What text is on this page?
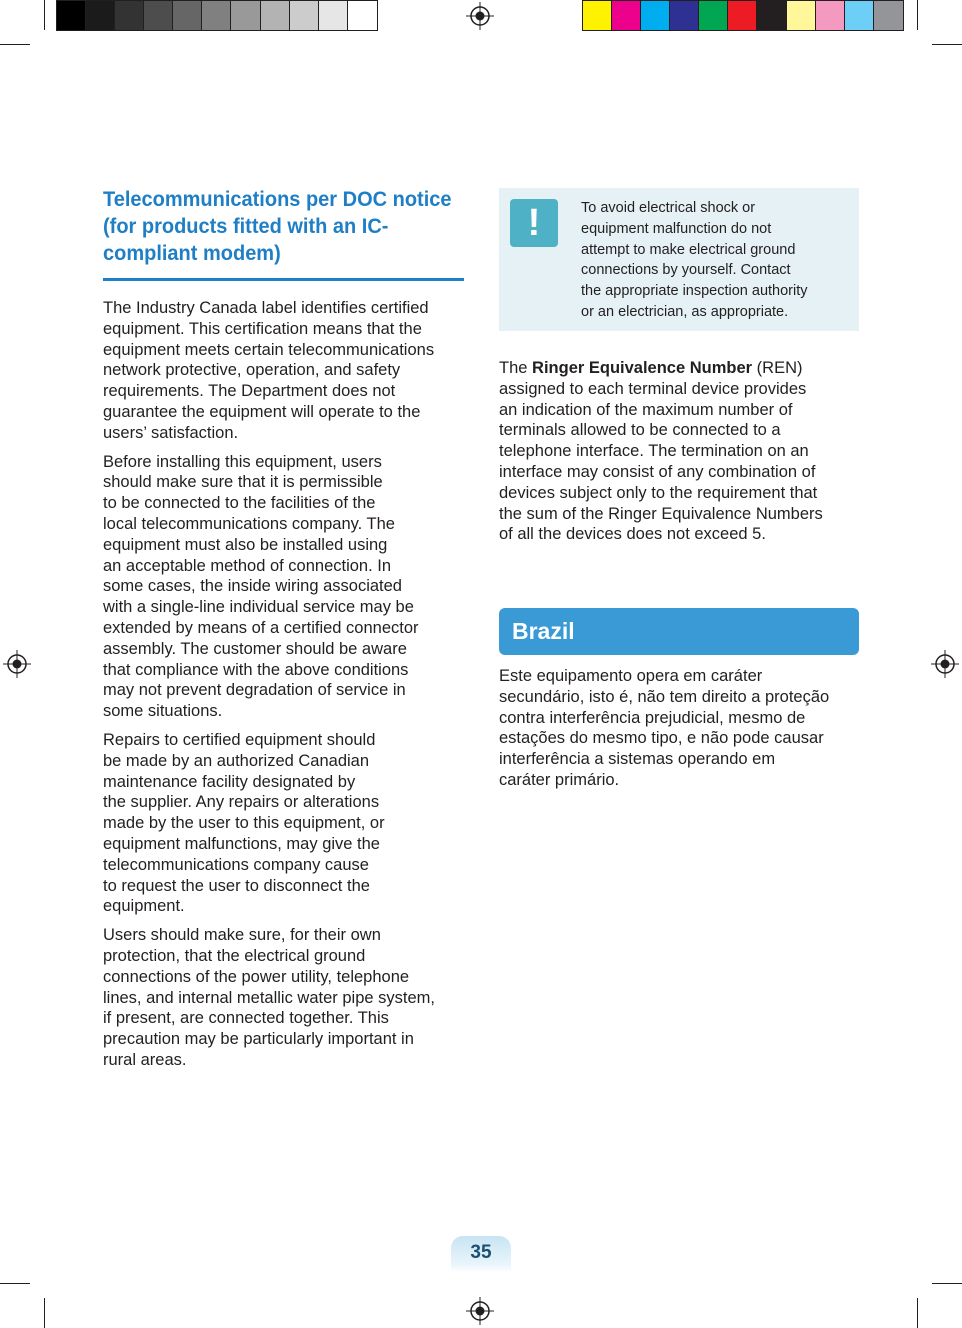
Telecommunications per DOC notice (for products fitted with an IC-compliant modem)

The Industry Canada label identifies certified
equipment. This certification means that the
equipment meets certain telecommunications
network protective, operation, and safety
requirements. The Department does not
guarantee the equipment will operate to the
users’ satisfaction.

Before installing this equipment, users
should make sure that it is permissible
to be connected to the facilities of the
local telecommunications company. The
equipment must also be installed using
an acceptable method of connection. In
some cases, the inside wiring associated
with a single-line individual service may be
extended by means of a certified connector
assembly. The customer should be aware
that compliance with the above conditions
may not prevent degradation of service in
some situations.

Repairs to certified equipment should
be made by an authorized Canadian
maintenance facility designated by
the supplier. Any repairs or alterations
made by the user to this equipment, or
equipment malfunctions, may give the
telecommunications company cause
to request the user to disconnect the
equipment.

Users should make sure, for their own
protection, that the electrical ground
connections of the power utility, telephone
lines, and internal metallic water pipe system,
if present, are connected together. This
precaution may be particularly important in
rural areas.

!	To avoid electrical shock or
equipment malfunction do not
attempt to make electrical ground
connections by yourself. Contact
the appropriate inspection authority
or an electrician, as appropriate.

The Ringer Equivalence Number (REN)
assigned to each terminal device provides
an indication of the maximum number of
terminals allowed to be connected to a
telephone interface. The termination on an
interface may consist of any combination of
devices subject only to the requirement that
the sum of the Ringer Equivalence Numbers
of all the devices does not exceed 5.

Brazil

Este equipamento opera em caráter
secundário, isto é, não tem direito a proteção
contra interferência prejudicial, mesmo de
estações do mesmo tipo, e não pode causar
interferência a sistemas operando em
caráter primário.

35
